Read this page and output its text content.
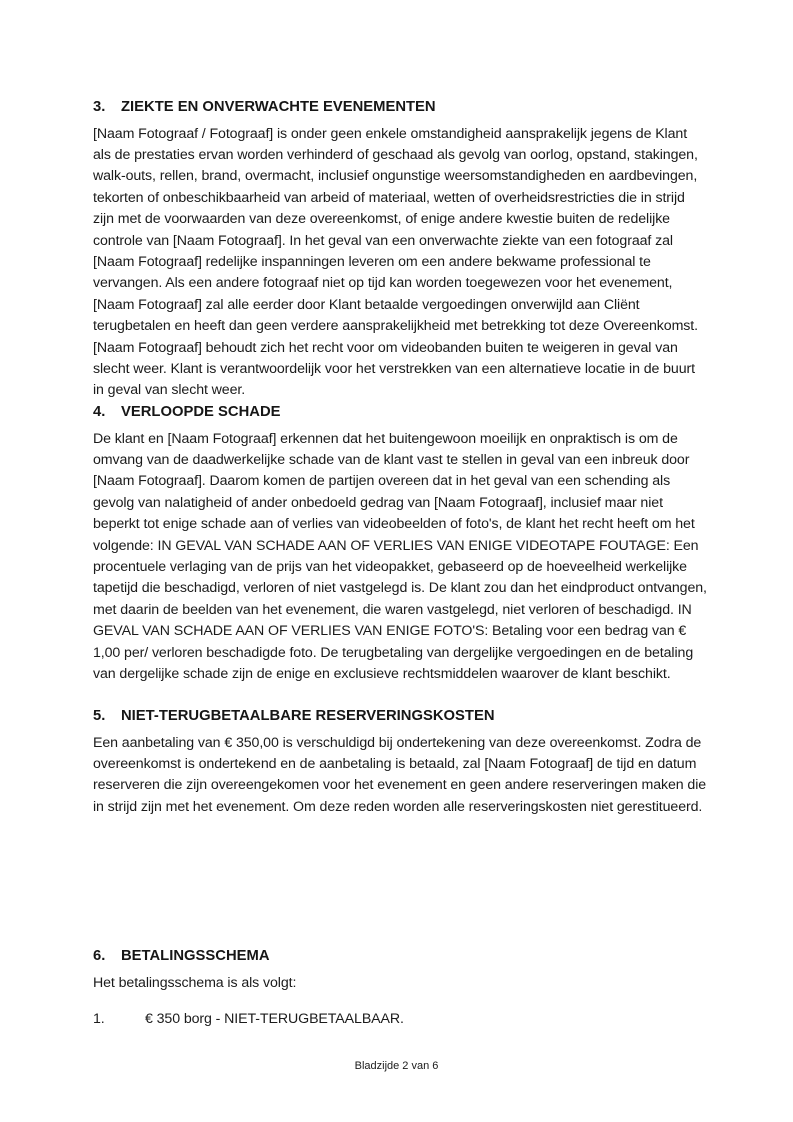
3.	ZIEKTE EN ONVERWACHTE EVENEMENTEN

[Naam Fotograaf / Fotograaf] is onder geen enkele omstandigheid aansprakelijk jegens de Klant als de prestaties ervan worden verhinderd of geschaad als gevolg van oorlog, opstand, stakingen, walk-outs, rellen, brand, overmacht, inclusief ongunstige weersomstandigheden en aardbevingen, tekorten of onbeschikbaarheid van arbeid of materiaal, wetten of overheidsrestricties die in strijd zijn met de voorwaarden van deze overeenkomst, of enige andere kwestie buiten de redelijke controle van [Naam Fotograaf]. In het geval van een onverwachte ziekte van een fotograaf zal [Naam Fotograaf] redelijke inspanningen leveren om een andere bekwame professional te vervangen. Als een andere fotograaf niet op tijd kan worden toegewezen voor het evenement, [Naam Fotograaf] zal alle eerder door Klant betaalde vergoedingen onverwijld aan Cliënt terugbetalen en heeft dan geen verdere aansprakelijkheid met betrekking tot deze Overeenkomst. [Naam Fotograaf] behoudt zich het recht voor om videobanden buiten te weigeren in geval van slecht weer. Klant is verantwoordelijk voor het verstrekken van een alternatieve locatie in de buurt in geval van slecht weer.

4.	VERLOOPDE SCHADE

De klant en [Naam Fotograaf] erkennen dat het buitengewoon moeilijk en onpraktisch is om de omvang van de daadwerkelijke schade van de klant vast te stellen in geval van een inbreuk door [Naam Fotograaf]. Daarom komen de partijen overeen dat in het geval van een schending als gevolg van nalatigheid of ander onbedoeld gedrag van [Naam Fotograaf], inclusief maar niet beperkt tot enige schade aan of verlies van videobeelden of foto's, de klant het recht heeft om het volgende: IN GEVAL VAN SCHADE AAN OF VERLIES VAN ENIGE VIDEOTAPE FOUTAGE: Een procentuele verlaging van de prijs van het videopakket, gebaseerd op de hoeveelheid werkelijke tapetijd die beschadigd, verloren of niet vastgelegd is. De klant zou dan het eindproduct ontvangen, met daarin de beelden van het evenement, die waren vastgelegd, niet verloren of beschadigd. IN GEVAL VAN SCHADE AAN OF VERLIES VAN ENIGE FOTO'S: Betaling voor een bedrag van € 1,00 per/ verloren beschadigde foto. De terugbetaling van dergelijke vergoedingen en de betaling van dergelijke schade zijn de enige en exclusieve rechtsmiddelen waarover de klant beschikt.

5.	NIET-TERUGBETAALBARE RESERVERINGSKOSTEN

Een aanbetaling van € 350,00 is verschuldigd bij ondertekening van deze overeenkomst. Zodra de overeenkomst is ondertekend en de aanbetaling is betaald, zal [Naam Fotograaf] de tijd en datum reserveren die zijn overeengekomen voor het evenement en geen andere reserveringen maken die in strijd zijn met het evenement. Om deze reden worden alle reserveringskosten niet gerestitueerd.

6.	BETALINGSSCHEMA

Het betalingsschema is als volgt:

1.	€ 350 borg - NIET-TERUGBETAALBAAR.
Bladzijde 2 van 6
